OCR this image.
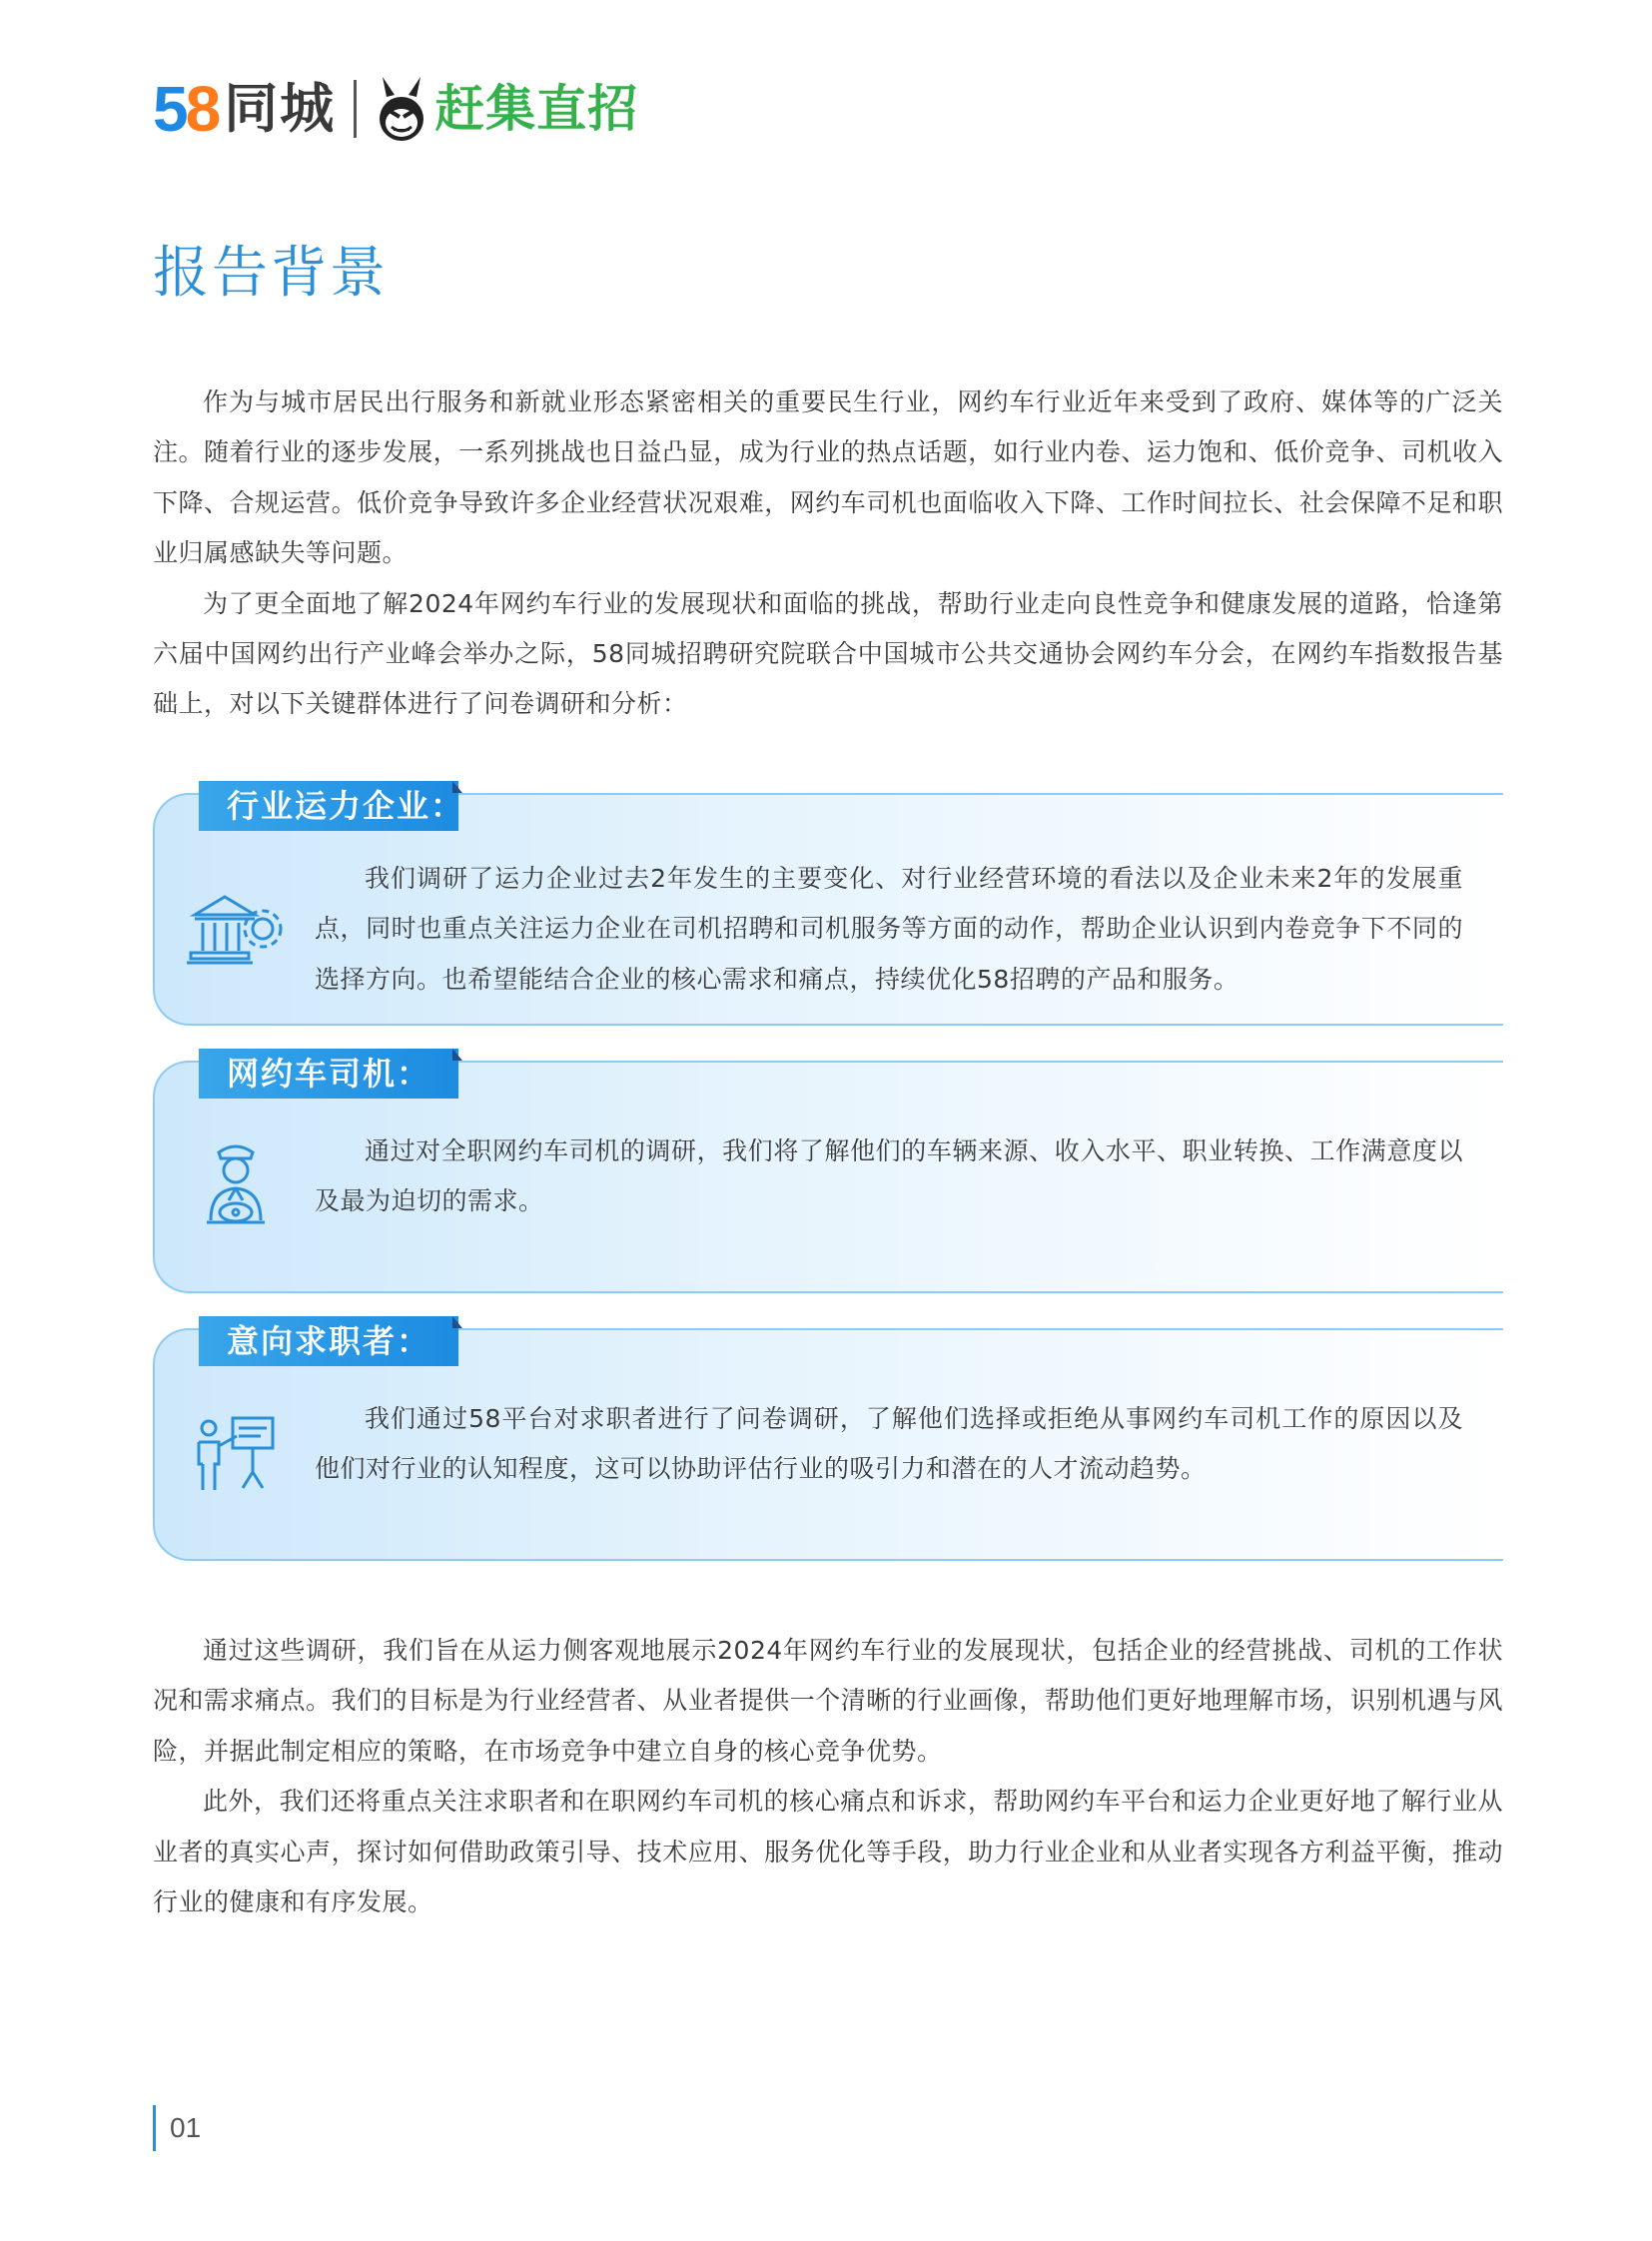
58 同城 赶集直招
报告背景

作为与城市居民出行服务和新就业形态紧密相关的重要民生行业，网约车行业近年来受到了政府、媒体等的广泛关注。随着行业的逐步发展，一系列挑战也日益凸显，成为行业的热点话题，如行业内卷、运力饱和、低价竞争、司机收入下降、合规运营。低价竞争导致许多企业经营状况艰难，网约车司机也面临收入下降、工作时间拉长、社会保障不足和职业归属感缺失等问题。

为了更全面地了解2024年网约车行业的发展现状和面临的挑战，帮助行业走向良性竞争和健康发展的道路，恰逢第六届中国网约出行产业峰会举办之际，58同城招聘研究院联合中国城市公共交通协会网约车分会，在网约车指数报告基础上，对以下关键群体进行了问卷调研和分析：

行业运力企业：

我们调研了运力企业过去2年发生的主要变化、对行业经营环境的看法以及企业未来2年的发展重点，同时也重点关注运力企业在司机招聘和司机服务等方面的动作，帮助企业认识到内卷竞争下不同的选择方向。也希望能结合企业的核心需求和痛点，持续优化58招聘的产品和服务。

网约车司机：

通过对全职网约车司机的调研，我们将了解他们的车辆来源、收入水平、职业转换、工作满意度以及最为迫切的需求。

意向求职者：

我们通过58平台对求职者进行了问卷调研，了解他们选择或拒绝从事网约车司机工作的原因以及他们对行业的认知程度，这可以协助评估行业的吸引力和潜在的人才流动趋势。

通过这些调研，我们旨在从运力侧客观地展示2024年网约车行业的发展现状，包括企业的经营挑战、司机的工作状况和需求痛点。我们的目标是为行业经营者、从业者提供一个清晰的行业画像，帮助他们更好地理解市场，识别机遇与风险，并据此制定相应的策略，在市场竞争中建立自身的核心竞争优势。

此外，我们还将重点关注求职者和在职网约车司机的核心痛点和诉求，帮助网约车平台和运力企业更好地了解行业从业者的真实心声，探讨如何借助政策引导、技术应用、服务优化等手段，助力行业企业和从业者实现各方利益平衡，推动行业的健康和有序发展。

01
